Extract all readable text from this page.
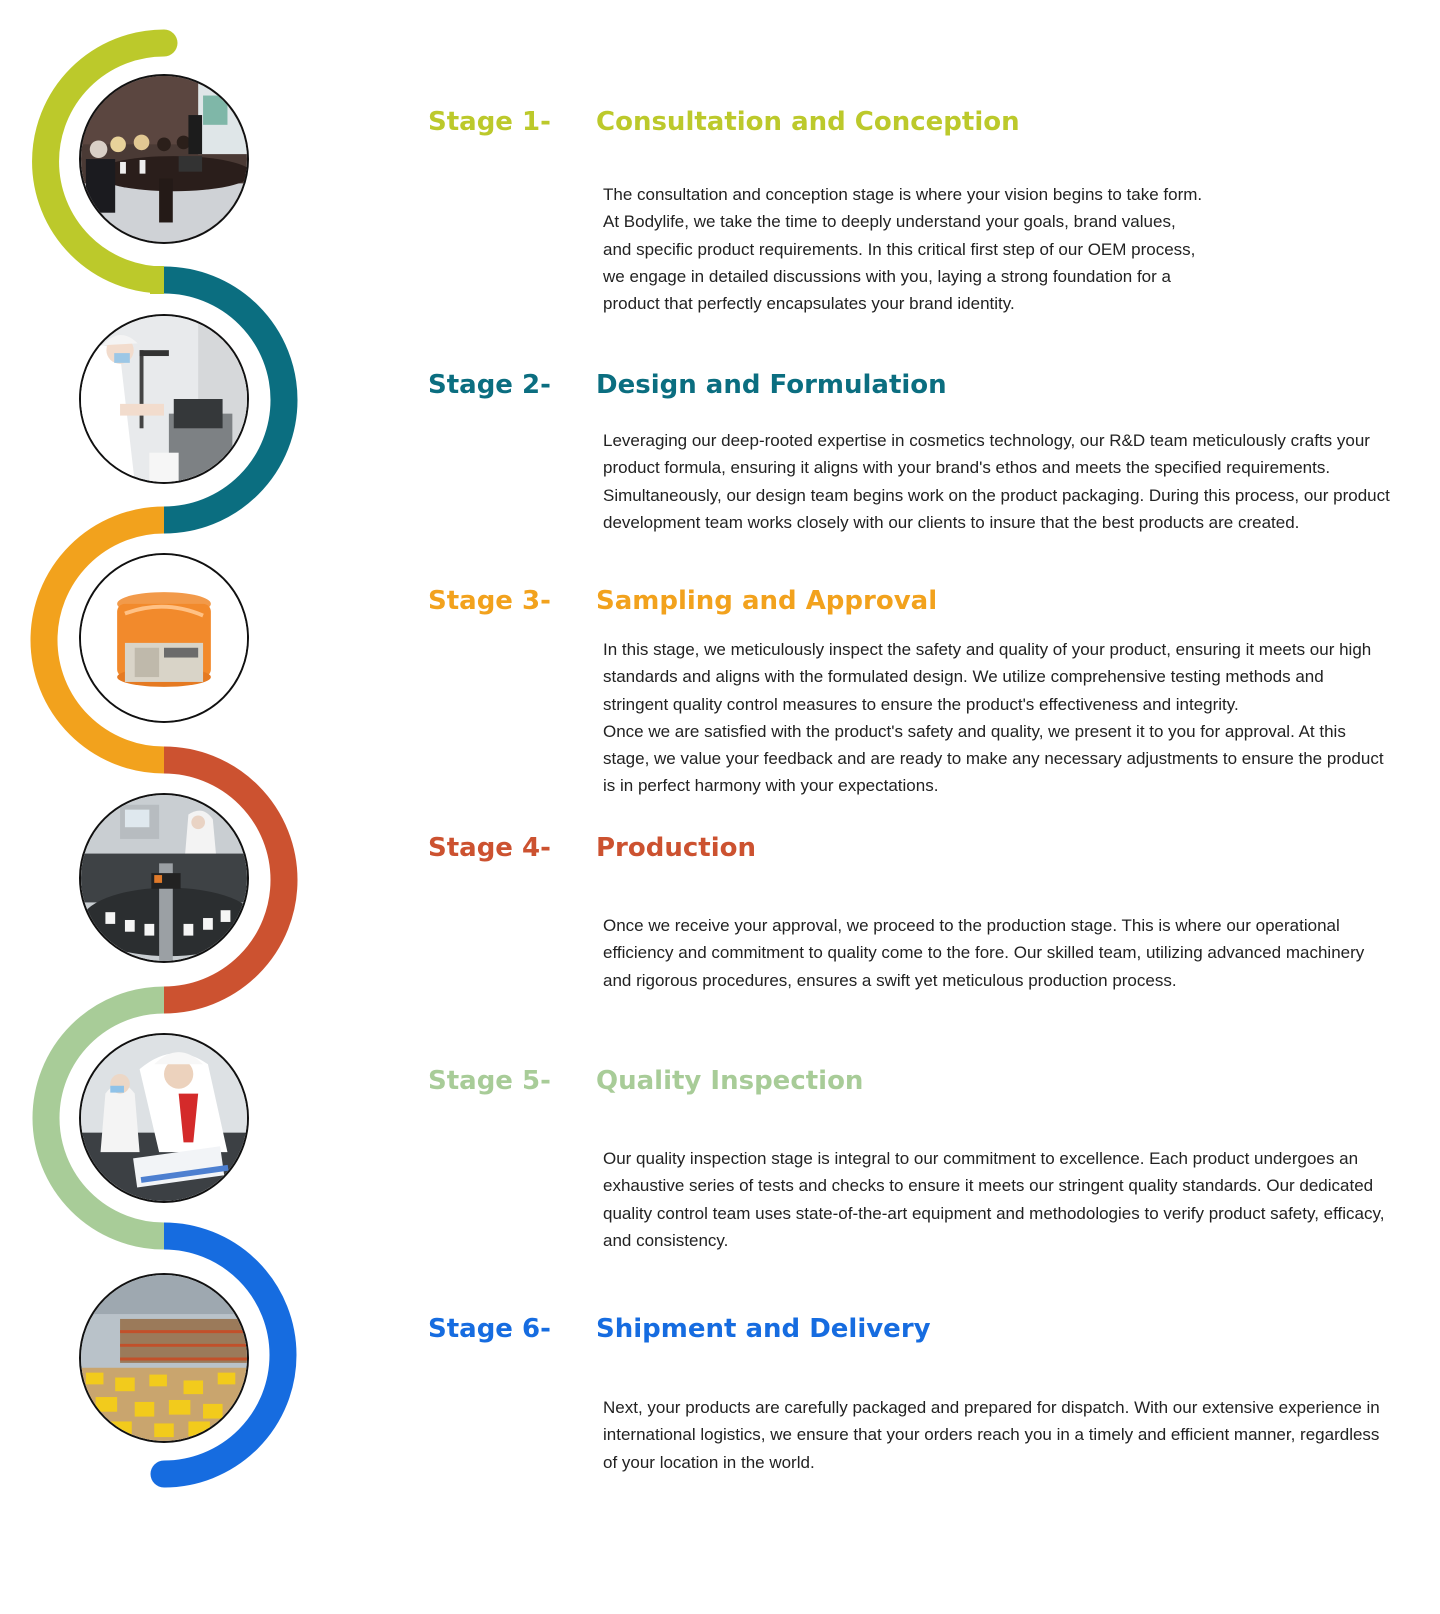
Stage 1- Consultation and Conception
The consultation and conception stage is where your vision begins to take form. At Bodylife, we take the time to deeply understand your goals, brand values, and specific product requirements. In this critical first step of our OEM process, we engage in detailed discussions with you, laying a strong foundation for a product that perfectly encapsulates your brand identity.
Stage 2- Design and Formulation
Leveraging our deep-rooted expertise in cosmetics technology, our R&D team meticulously crafts your product formula, ensuring it aligns with your brand's ethos and meets the specified requirements. Simultaneously, our design team begins work on the product packaging. During this process, our product development team works closely with our clients to insure that the best products are created.
Stage 3- Sampling and Approval
In this stage, we meticulously inspect the safety and quality of your product, ensuring it meets our high standards and aligns with the formulated design. We utilize comprehensive testing methods and stringent quality control measures to ensure the product's effectiveness and integrity.
Once we are satisfied with the product's safety and quality, we present it to you for approval. At this stage, we value your feedback and are ready to make any necessary adjustments to ensure the product is in perfect harmony with your expectations.
Stage 4- Production
Once we receive your approval, we proceed to the production stage. This is where our operational efficiency and commitment to quality come to the fore. Our skilled team, utilizing advanced machinery and rigorous procedures, ensures a swift yet meticulous production process.
Stage 5- Quality Inspection
Our quality inspection stage is integral to our commitment to excellence. Each product undergoes an exhaustive series of tests and checks to ensure it meets our stringent quality standards. Our dedicated quality control team uses state-of-the-art equipment and methodologies to verify product safety, efficacy, and consistency.
Stage 6- Shipment and Delivery
Next, your products are carefully packaged and prepared for dispatch. With our extensive experience in international logistics, we ensure that your orders reach you in a timely and efficient manner, regardless of your location in the world.
